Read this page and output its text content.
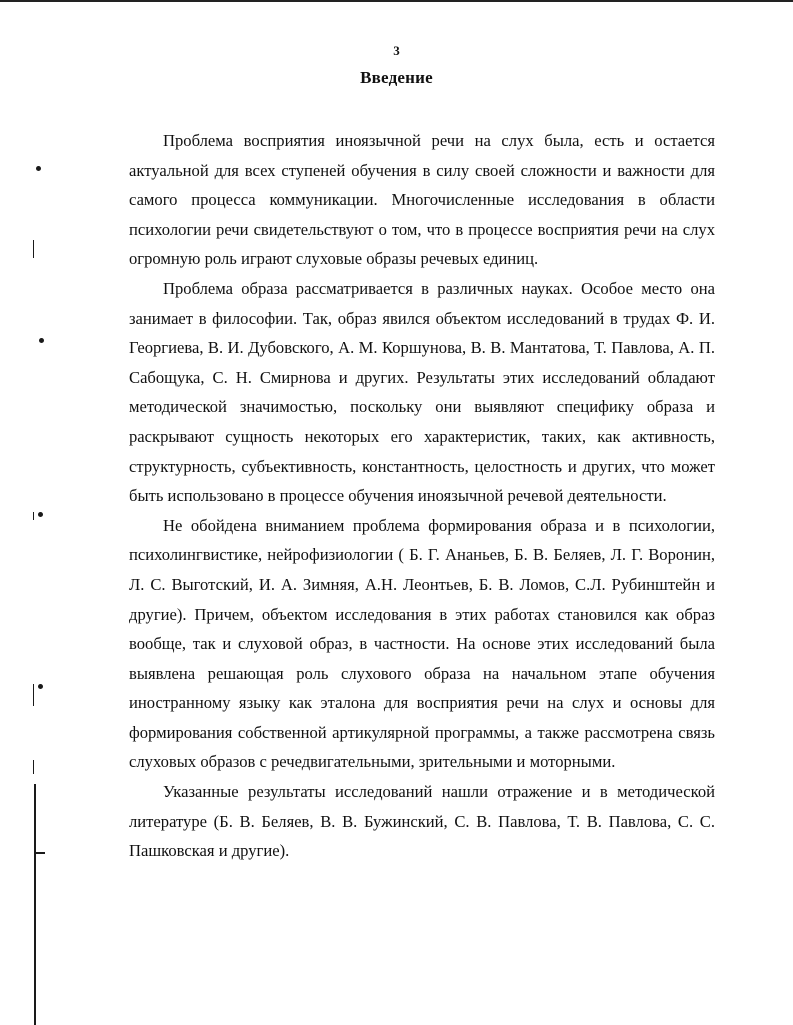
3
Введение

Проблема восприятия иноязычной речи на слух была, есть и остается актуальной для всех ступеней обучения в силу своей сложности и важности для самого процесса коммуникации. Многочисленные исследования в области психологии речи свидетельствуют о том, что в процессе восприятия речи на слух огромную роль играют слуховые образы речевых единиц.

Проблема образа рассматривается в различных науках. Особое место она занимает в философии. Так, образ явился объектом исследований в трудах Ф. И. Георгиева, В. И. Дубовского, А. М. Коршунова, В. В. Мантатова, Т. Павлова, А. П. Сабощука, С. Н. Смирнова и других. Результаты этих исследований обладают методической значимостью, поскольку они выявляют специфику образа и раскрывают сущность некоторых его характеристик, таких, как активность, структурность, субъективность, константность, целостность и других, что может быть использовано в процессе обучения иноязычной речевой деятельности.

Не обойдена вниманием проблема формирования образа и в психологии, психолингвистике, нейрофизиологии ( Б. Г. Ананьев, Б. В. Беляев, Л. Г. Воронин, Л. С. Выготский, И. А. Зимняя, А.Н. Леонтьев, Б. В. Ломов, С.Л. Рубинштейн и другие). Причем, объектом исследования в этих работах становился как образ вообще, так и слуховой образ, в частности. На основе этих исследований была выявлена решающая роль слухового образа на начальном этапе обучения иностранному языку как эталона для восприятия речи на слух и основы для формирования собственной артикулярной программы, а также рассмотрена связь слуховых образов с речедвигательными, зрительными и моторными.

Указанные результаты исследований нашли отражение и в методической литературе (Б. В. Беляев, В. В. Бужинский, С. В. Павлова, Т. В. Павлова, С. С. Пашковская и другие).
